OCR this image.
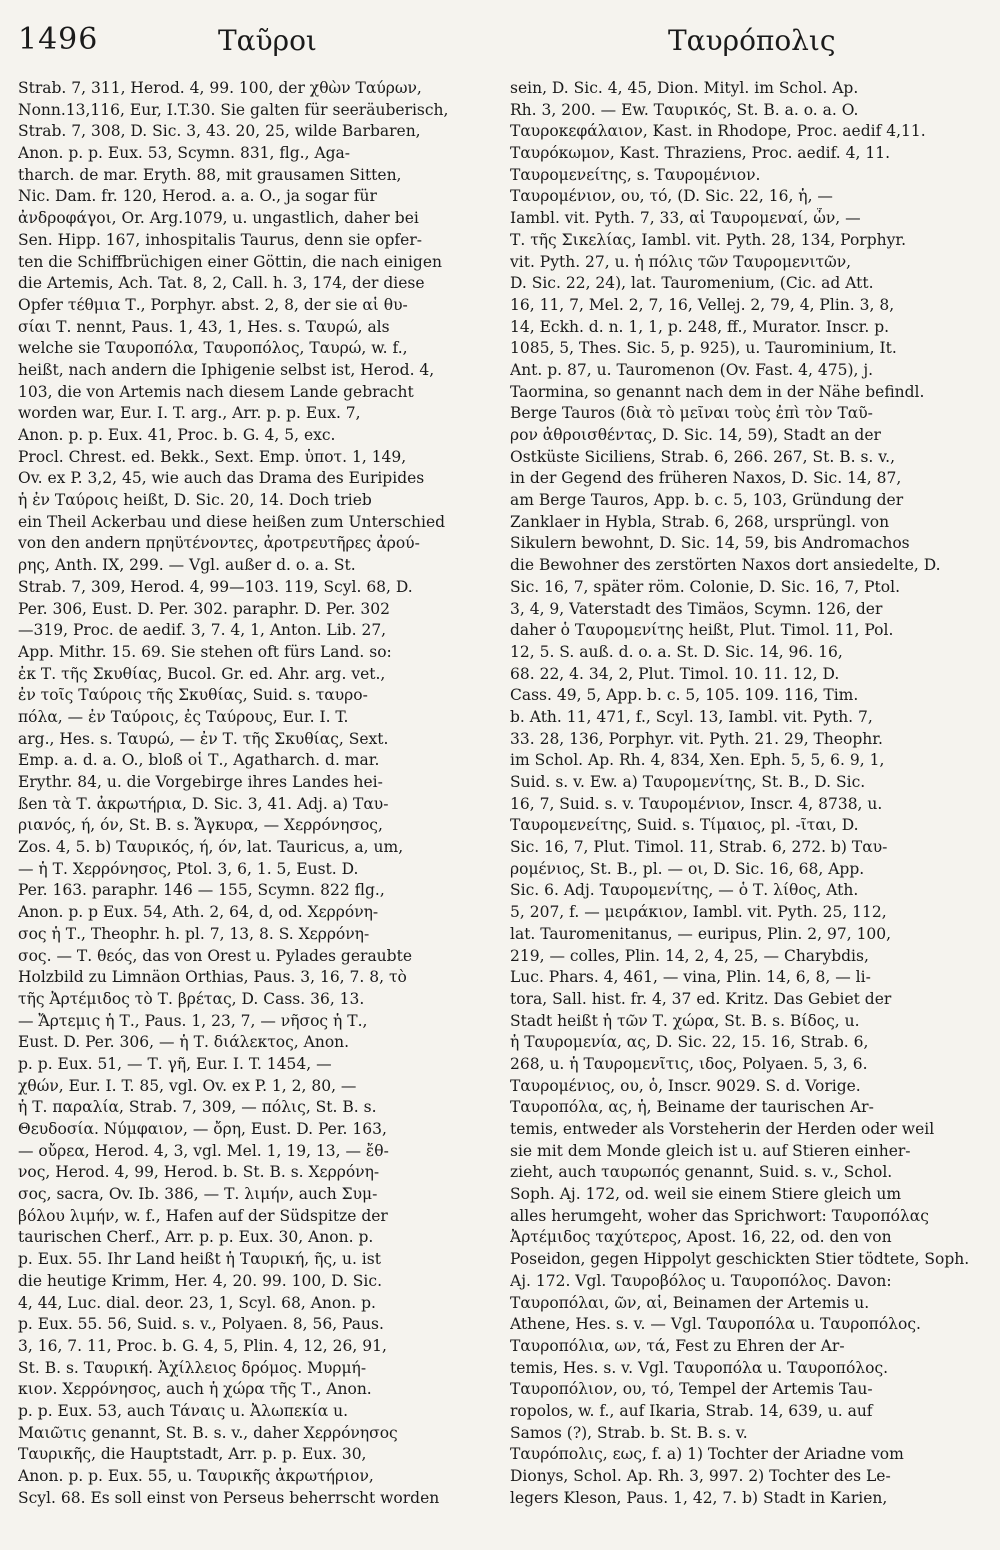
1496	Ταῦροι	Ταυρόπολις
Strab. 7, 311, Herod. 4, 99. 100, der χθὼν Ταύρων,
Nonn.13,116, Eur, I.T.30. Sie galten für seeräuberisch,
Strab. 7, 308, D. Sic. 3, 43. 20, 25, wilde Barbaren,
Anon. p. p. Eux. 53, Scymn. 831, flg., Aga-
tharch. de mar. Eryth. 88, mit grausamen Sitten,
Nic. Dam. fr. 120, Herod. a. a. O., ja sogar für
ἀνδροφάγοι, Or. Arg.1079, u. ungastlich, daher bei
Sen. Hipp. 167, inhospitalis Taurus, denn sie opfer-
ten die Schiffbrüchigen einer Göttin, die nach einigen
die Artemis, Ach. Tat. 8, 2, Call. h. 3, 174, der diese
Opfer τέθμια Τ., Porphyr. abst. 2, 8, der sie αἱ θυ-
σίαι Τ. nennt, Paus. 1, 43, 1, Hes. s. Ταυρώ, als
welche sie Ταυροπόλα, Ταυροπόλος, Ταυρώ, w. f.,
heißt, nach andern die Iphigenie selbst ist, Herod. 4,
103, die von Artemis nach diesem Lande gebracht
worden war, Eur. I. T. arg., Arr. p. p. Eux. 7,
Anon. p. p. Eux. 41, Proc. b. G. 4, 5, exc.
Procl. Chrest. ed. Bekk., Sext. Emp. ὑποτ. 1, 149,
Ov. ex P. 3,2, 45, wie auch das Drama des Euripides
ἡ ἐν Ταύροις heißt, D. Sic. 20, 14. Doch trieb
ein Theil Ackerbau und diese heißen zum Unterschied
von den andern πρηϋτένοντες, ἀροτρευτῆρες ἀρού-
ρης, Anth. IX, 299. — Vgl. außer d. o. a. St.
Strab. 7, 309, Herod. 4, 99—103. 119, Scyl. 68, D.
Per. 306, Eust. D. Per. 302. paraphr. D. Per. 302
—319, Proc. de aedif. 3, 7. 4, 1, Anton. Lib. 27,
App. Mithr. 15. 69. Sie stehen oft fürs Land. so:
ἐκ Τ. τῆς Σκυθίας, Bucol. Gr. ed. Ahr. arg. vet.,
ἐν τοῖς Ταύροις τῆς Σκυθίας, Suid. s. ταυρο-
πόλα, — ἐν Ταύροις, ἐς Ταύρους, Eur. I. T.
arg., Hes. s. Ταυρώ, — ἐν Τ. τῆς Σκυθίας, Sext.
Emp. a. d. a. O., bloß οἱ Τ., Agatharch. d. mar.
Erythr. 84, u. die Vorgebirge ihres Landes hei-
ßen τὰ Τ. ἀκρωτήρια, D. Sic. 3, 41. Adj. a) Ταυ-
ριανός, ή, όν, St. B. s. Ἄγκυρα, — Χερρόνησος,
Zos. 4, 5. b) Ταυρικός, ή, όν, lat. Tauricus, a, um,
— ἡ Τ. Χερρόνησος, Ptol. 3, 6, 1. 5, Eust. D.
Per. 163. paraphr. 146 — 155, Scymn. 822 flg.,
Anon. p. p Eux. 54, Ath. 2, 64, d, od. Χερρόνη-
σος ἡ Τ., Theophr. h. pl. 7, 13, 8. S. Χερρόνη-
σος. — Τ. θεός, das von Orest u. Pylades geraubte
Holzbild zu Limnäon Orthias, Paus. 3, 16, 7. 8, τὸ
τῆς Ἀρτέμιδος τὸ Τ. βρέτας, D. Cass. 36, 13.
— Ἄρτεμις ἡ Τ., Paus. 1, 23, 7, — νῆσος ἡ Τ.,
Eust. D. Per. 306, — ἡ Τ. διάλεκτος, Anon.
p. p. Eux. 51, — Τ. γῆ, Eur. I. T. 1454, —
χθών, Eur. I. T. 85, vgl. Ov. ex P. 1, 2, 80, —
ἡ Τ. παραλία, Strab. 7, 309, — πόλις, St. B. s.
Θευδοσία. Νύμφαιον, — ὄρη, Eust. D. Per. 163,
— οὔρεα, Herod. 4, 3, vgl. Mel. 1, 19, 13, — ἔθ-
νος, Herod. 4, 99, Herod. b. St. B. s. Χερρόνη-
σος, sacra, Ov. Ib. 386, — Τ. λιμήν, auch Συμ-
βόλου λιμήν, w. f., Hafen auf der Südspitze der
taurischen Cherf., Arr. p. p. Eux. 30, Anon. p.
p. Eux. 55. Ihr Land heißt ἡ Ταυρική, ῆς, u. ist
die heutige Krimm, Her. 4, 20. 99. 100, D. Sic.
4, 44, Luc. dial. deor. 23, 1, Scyl. 68, Anon. p.
p. Eux. 55. 56, Suid. s. v., Polyaen. 8, 56, Paus.
3, 16, 7. 11, Proc. b. G. 4, 5, Plin. 4, 12, 26, 91,
St. B. s. Ταυρική. Ἀχίλλειος δρόμος. Μυρμή-
κιον. Χερρόνησος, auch ἡ χώρα τῆς Τ., Anon.
p. p. Eux. 53, auch Τάναις u. Ἀλωπεκία u.
Μαιῶτις genannt, St. B. s. v., daher Χερρόνησος
Ταυρικῆς, die Hauptstadt, Arr. p. p. Eux. 30,
Anon. p. p. Eux. 55, u. Ταυρικῆς ἀκρωτήριον,
Scyl. 68. Es soll einst von Perseus beherrscht worden
sein, D. Sic. 4, 45, Dion. Mityl. im Schol. Ap.
Rh. 3, 200. — Ew. Ταυρικός, St. B. a. o. a. O.
Ταυροκεφάλαιον, Kast. in Rhodope, Proc. aedif 4,11.
Ταυρόκωμον, Kast. Thraziens, Proc. aedif. 4, 11.
Ταυρομενείτης, s. Ταυρομένιον.
Ταυρομένιον, ου, τό, (D. Sic. 22, 16, ἡ, —
Iambl. vit. Pyth. 7, 33, αἱ Ταυρομεναί, ὧν, —
Τ. τῆς Σικελίας, Iambl. vit. Pyth. 28, 134, Porphyr.
vit. Pyth. 27, u. ἡ πόλις τῶν Ταυρομενιτῶν,
D. Sic. 22, 24), lat. Tauromenium, (Cic. ad Att.
16, 11, 7, Mel. 2, 7, 16, Vellej. 2, 79, 4, Plin. 3, 8,
14, Eckh. d. n. 1, 1, p. 248, ff., Murator. Inscr. p.
1085, 5, Thes. Sic. 5, p. 925), u. Taurominium, It.
Ant. p. 87, u. Tauromenon (Ov. Fast. 4, 475), j.
Taormina, so genannt nach dem in der Nähe befindl.
Berge Tauros (διὰ τὸ μεῖναι τοὺς ἐπὶ τὸν Ταῦ-
ρον ἀθροισθέντας, D. Sic. 14, 59), Stadt an der
Ostküste Siciliens, Strab. 6, 266. 267, St. B. s. v.,
in der Gegend des früheren Naxos, D. Sic. 14, 87,
am Berge Tauros, App. b. c. 5, 103, Gründung der
Zanklaer in Hybla, Strab. 6, 268, ursprüngl. von
Sikulern bewohnt, D. Sic. 14, 59, bis Andromachos
die Bewohner des zerstörten Naxos dort ansiedelte, D.
Sic. 16, 7, später röm. Colonie, D. Sic. 16, 7, Ptol.
3, 4, 9, Vaterstadt des Timäos, Scymn. 126, der
daher ὁ Ταυρομενίτης heißt, Plut. Timol. 11, Pol.
12, 5. S. auß. d. o. a. St. D. Sic. 14, 96. 16,
68. 22, 4. 34, 2, Plut. Timol. 10. 11. 12, D.
Cass. 49, 5, App. b. c. 5, 105. 109. 116, Tim.
b. Ath. 11, 471, f., Scyl. 13, Iambl. vit. Pyth. 7,
33. 28, 136, Porphyr. vit. Pyth. 21. 29, Theophr.
im Schol. Ap. Rh. 4, 834, Xen. Eph. 5, 5, 6. 9, 1,
Suid. s. v. Ew. a) Ταυρομενίτης, St. B., D. Sic.
16, 7, Suid. s. v. Ταυρομένιον, Inscr. 4, 8738, u.
Ταυρομενείτης, Suid. s. Τίμαιος, pl. -ῖται, D.
Sic. 16, 7, Plut. Timol. 11, Strab. 6, 272. b) Ταυ-
ρομένιος, St. B., pl. — οι, D. Sic. 16, 68, App.
Sic. 6. Adj. Ταυρομενίτης, — ὁ Τ. λίθος, Ath.
5, 207, f. — μειράκιον, Iambl. vit. Pyth. 25, 112,
lat. Tauromenitanus, — euripus, Plin. 2, 97, 100,
219, — colles, Plin. 14, 2, 4, 25, — Charybdis,
Luc. Phars. 4, 461, — vina, Plin. 14, 6, 8, — li-
tora, Sall. hist. fr. 4, 37 ed. Kritz. Das Gebiet der
Stadt heißt ἡ τῶν Τ. χώρα, St. B. s. Βίδος, u.
ἡ Ταυρομενία, ας, D. Sic. 22, 15. 16, Strab. 6,
268, u. ἡ Ταυρομενῖτις, ιδος, Polyaen. 5, 3, 6.
Ταυρομένιος, ου, ὁ, Inscr. 9029. S. d. Vorige.
Ταυροπόλα, ας, ἡ, Beiname der taurischen Ar-
temis, entweder als Vorsteherin der Herden oder weil
sie mit dem Monde gleich ist u. auf Stieren einher-
zieht, auch ταυρωπός genannt, Suid. s. v., Schol.
Soph. Aj. 172, od. weil sie einem Stiere gleich um
alles herumgeht, woher das Sprichwort: Ταυροπόλας
Ἀρτέμιδος ταχύτερος, Apost. 16, 22, od. den von
Poseidon, gegen Hippolyt geschickten Stier tödtete, Soph.
Aj. 172. Vgl. Ταυροβόλος u. Ταυροπόλος. Davon:
Ταυροπόλαι, ῶν, αἱ, Beinamen der Artemis u.
Athene, Hes. s. v. — Vgl. Ταυροπόλα u. Ταυροπόλος.
Ταυροπόλια, ων, τά, Fest zu Ehren der Ar-
temis, Hes. s. v. Vgl. Ταυροπόλα u. Ταυροπόλος.
Ταυροπόλιον, ου, τό, Tempel der Artemis Tau-
ropolos, w. f., auf Ikaria, Strab. 14, 639, u. auf
Samos (?), Strab. b. St. B. s. v.
Ταυρόπολις, εως, f. a) 1) Tochter der Ariadne vom
Dionys, Schol. Ap. Rh. 3, 997. 2) Tochter des Le-
legers Kleson, Paus. 1, 42, 7. b) Stadt in Karien,
